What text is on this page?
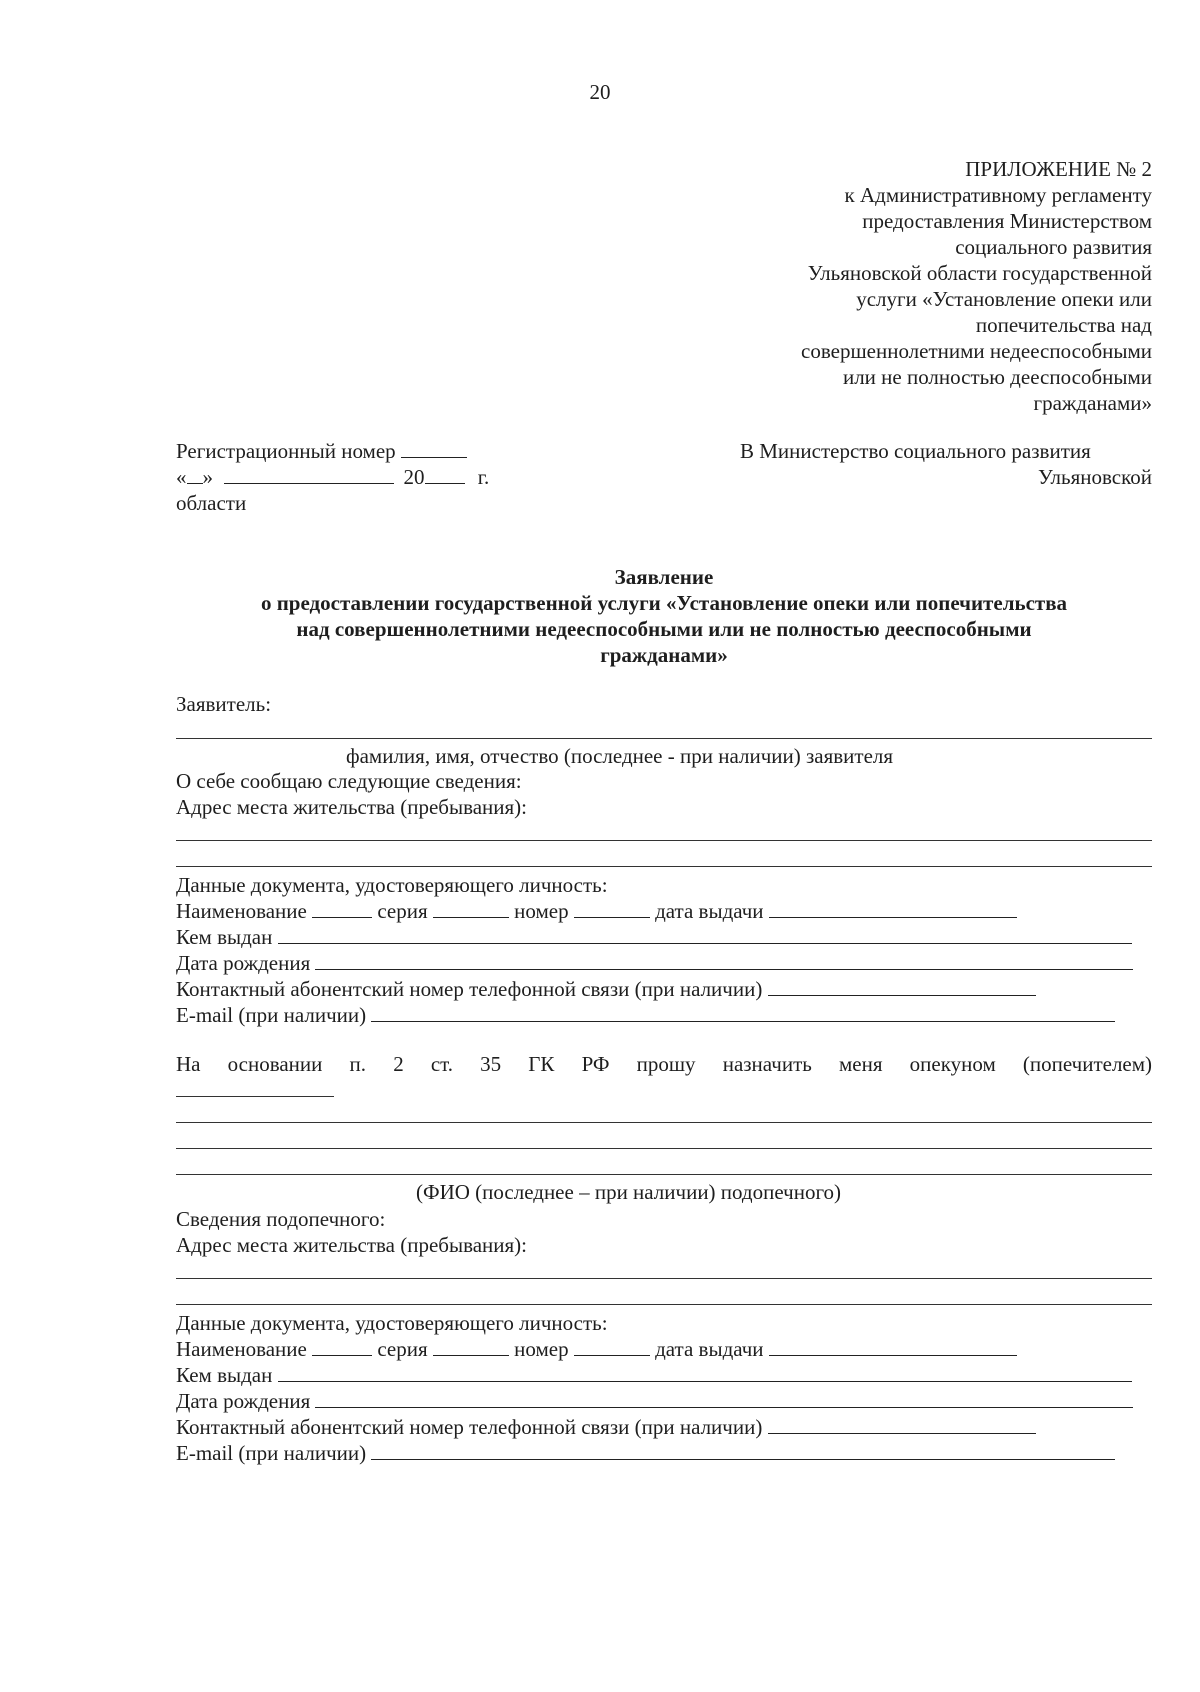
20
ПРИЛОЖЕНИЕ № 2
к Административному регламенту
предоставления Министерством
социального развития
Ульяновской области государственной
услуги «Установление опеки или
попечительства над
совершеннолетними недееспособными
или не полностью дееспособными
гражданами»
Регистрационный номер
« »	20	г.
области
В Министерство социального развития
Ульяновской
Заявление
о предоставлении государственной услуги «Установление опеки или попечительства
над совершеннолетними недееспособными или не полностью дееспособными
гражданами»
Заявитель:
фамилия, имя, отчество (последнее - при наличии) заявителя
О себе сообщаю следующие сведения:
Адрес места жительства (пребывания):
Данные документа, удостоверяющего личность:
Наименование	серия	номер	дата выдачи
Кем выдан
Дата рождения
Контактный абонентский номер телефонной связи (при наличии)
E-mail (при наличии)
На основании п. 2 ст. 35 ГК РФ прошу назначить меня опекуном (попечителем)
(ФИО (последнее – при наличии) подопечного)
Сведения подопечного:
Адрес места жительства (пребывания):
Данные документа, удостоверяющего личность:
Наименование	серия	номер	дата выдачи
Кем выдан
Дата рождения
Контактный абонентский номер телефонной связи (при наличии)
E-mail (при наличии)
